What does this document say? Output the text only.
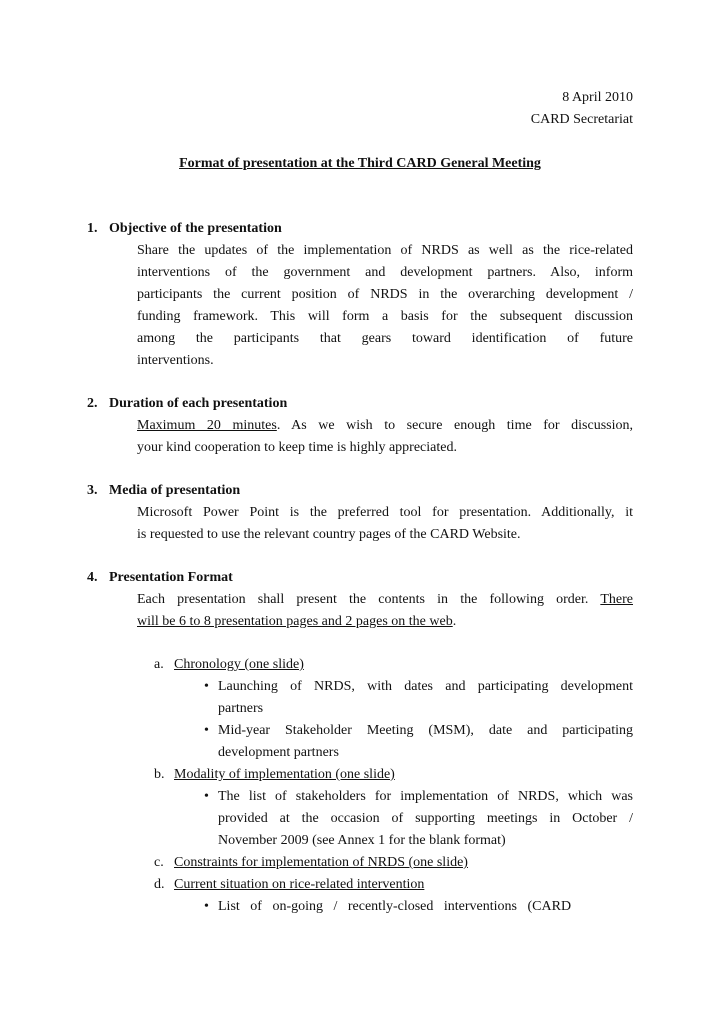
8 April 2010
CARD Secretariat
Format of presentation at the Third CARD General Meeting
1. Objective of the presentation
Share the updates of the implementation of NRDS as well as the rice-related
interventions of the government and development partners. Also, inform
participants the current position of NRDS in the overarching development /
funding framework. This will form a basis for the subsequent discussion
among the participants that gears toward identification of future
interventions.
2. Duration of each presentation
Maximum 20 minutes. As we wish to secure enough time for discussion,
your kind cooperation to keep time is highly appreciated.
3. Media of presentation
Microsoft Power Point is the preferred tool for presentation. Additionally, it
is requested to use the relevant country pages of the CARD Website.
4. Presentation Format
Each presentation shall present the contents in the following order. There
will be 6 to 8 presentation pages and 2 pages on the web.
a. Chronology (one slide)
• Launching of NRDS, with dates and participating development
partners
• Mid-year Stakeholder Meeting (MSM), date and participating
development partners
b. Modality of implementation (one slide)
• The list of stakeholders for implementation of NRDS, which was
provided at the occasion of supporting meetings in October /
November 2009 (see Annex 1 for the blank format)
c. Constraints for implementation of NRDS (one slide)
d. Current situation on rice-related intervention
• List   of   on-going   /   recently-closed   interventions   (CARD
